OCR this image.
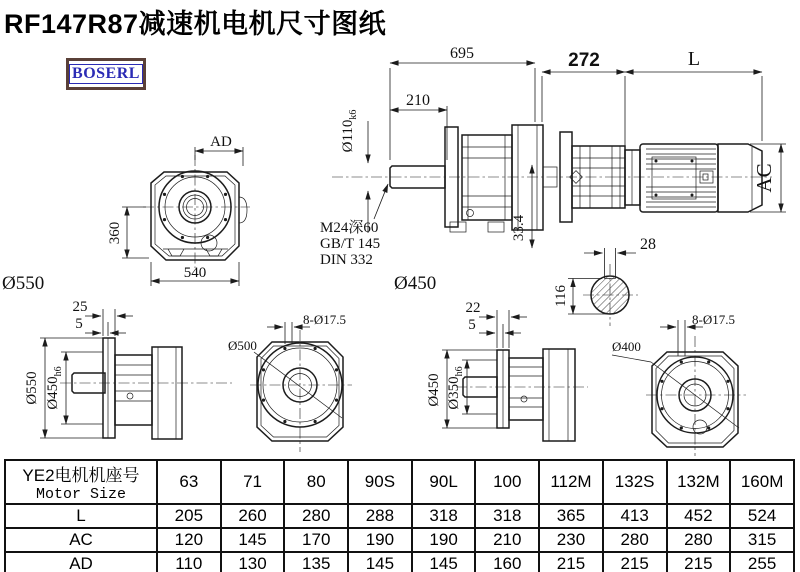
RF147R87减速机电机尺寸图纸
BOSERL
AD
360
540
Ø550
695
210
$Ø110_{k6}$
M24深60
GB/T 145
DIN 332
33.4
Ø450
272	L
AC
28
116
25
5
Ø550 $Ø450_{h6}$
Ø500
8-Ø17.5
22
5
Ø450 $Ø350_{h6}$
Ø400
8-Ø17.5
YE2电机机座号
Motor Size	63	71	80	90S	90L	100	112M	132S	132M	160M
L	205	260	280	288	318	318	365	413	452	524
AC	120	145	170	190	190	210	230	280	280	315
AD	110	130	135	145	145	160	215	215	215	255
